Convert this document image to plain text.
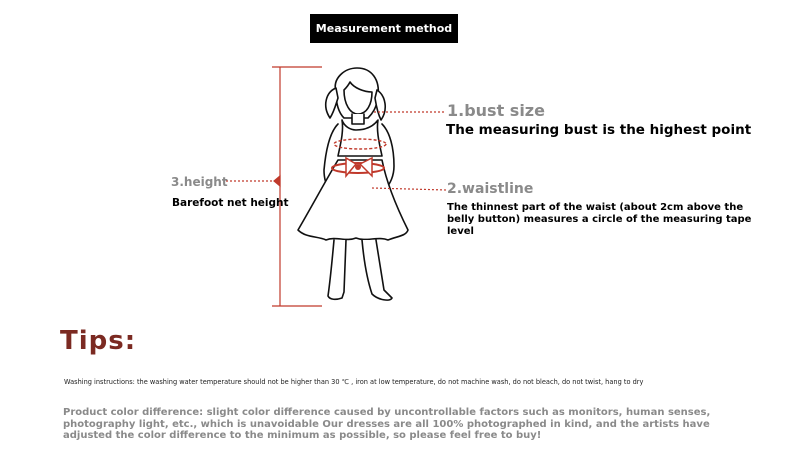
Measurement method
1.bust size
The measuring bust is the highest point
2.waistline
The thinnest part of the waist (about 2cm above the belly button) measures a circle of the measuring tape level
3.height
Barefoot net height
Tips:
Washing instructions: the washing water temperature should not be higher than 30 ℃ , iron at low temperature, do not machine wash, do not bleach, do not twist, hang to dry
Product color difference: slight color difference caused by uncontrollable factors such as monitors, human senses, photography light, etc., which is unavoidable Our dresses are all 100% photographed in kind, and the artists have adjusted the color difference to the minimum as possible, so please feel free to buy!
